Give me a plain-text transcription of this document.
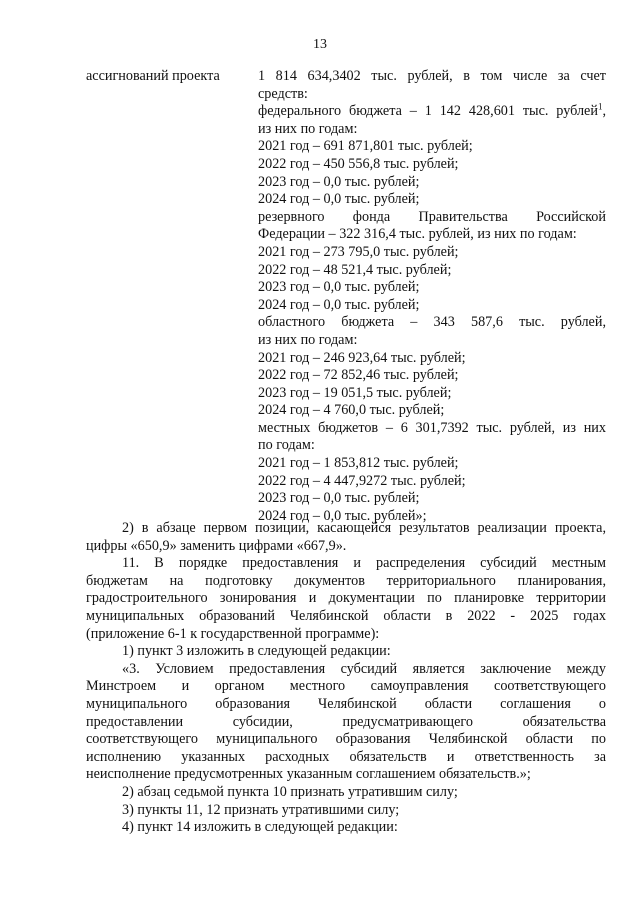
13
ассигнований проекта	1 814 634,3402 тыс. рублей, в том числе за счет
средств:
федерального бюджета – 1 142 428,601 тыс. рублей$^1$,
из них по годам:
2021 год – 691 871,801 тыс. рублей;
2022 год – 450 556,8 тыс. рублей;
2023 год – 0,0 тыс. рублей;
2024 год – 0,0 тыс. рублей;
резервного фонда Правительства Российской
Федерации – 322 316,4 тыс. рублей, из них по годам:
2021 год – 273 795,0 тыс. рублей;
2022 год – 48 521,4 тыс. рублей;
2023 год – 0,0 тыс. рублей;
2024 год – 0,0 тыс. рублей;
областного бюджета – 343 587,6 тыс. рублей,
из них по годам:
2021 год – 246 923,64 тыс. рублей;
2022 год – 72 852,46 тыс. рублей;
2023 год – 19 051,5 тыс. рублей;
2024 год – 4 760,0 тыс. рублей;
местных бюджетов – 6 301,7392 тыс. рублей, из них
по годам:
2021 год – 1 853,812 тыс. рублей;
2022 год – 4 447,9272 тыс. рублей;
2023 год – 0,0 тыс. рублей;
2024 год – 0,0 тыс. рублей»;

2) в абзаце первом позиции, касающейся результатов реализации проекта,

цифры «650,9» заменить цифрами «667,9».

11. В порядке предоставления и распределения субсидий местным

бюджетам на подготовку документов территориального планирования,

градостроительного зонирования и документации по планировке территории

муниципальных образований Челябинской области в 2022 - 2025 годах

(приложение 6-1 к государственной программе):

1) пункт 3 изложить в следующей редакции:

«3. Условием предоставления субсидий является заключение между

Минстроем и органом местного самоуправления соответствующего

муниципального образования Челябинской области соглашения о

предоставлении субсидии, предусматривающего обязательства

соответствующего муниципального образования Челябинской области по

исполнению указанных расходных обязательств и ответственность за

неисполнение предусмотренных указанным соглашением обязательств.»;

2) абзац седьмой пункта 10 признать утратившим силу;

3) пункты 11, 12 признать утратившими силу;

4) пункт 14 изложить в следующей редакции:
